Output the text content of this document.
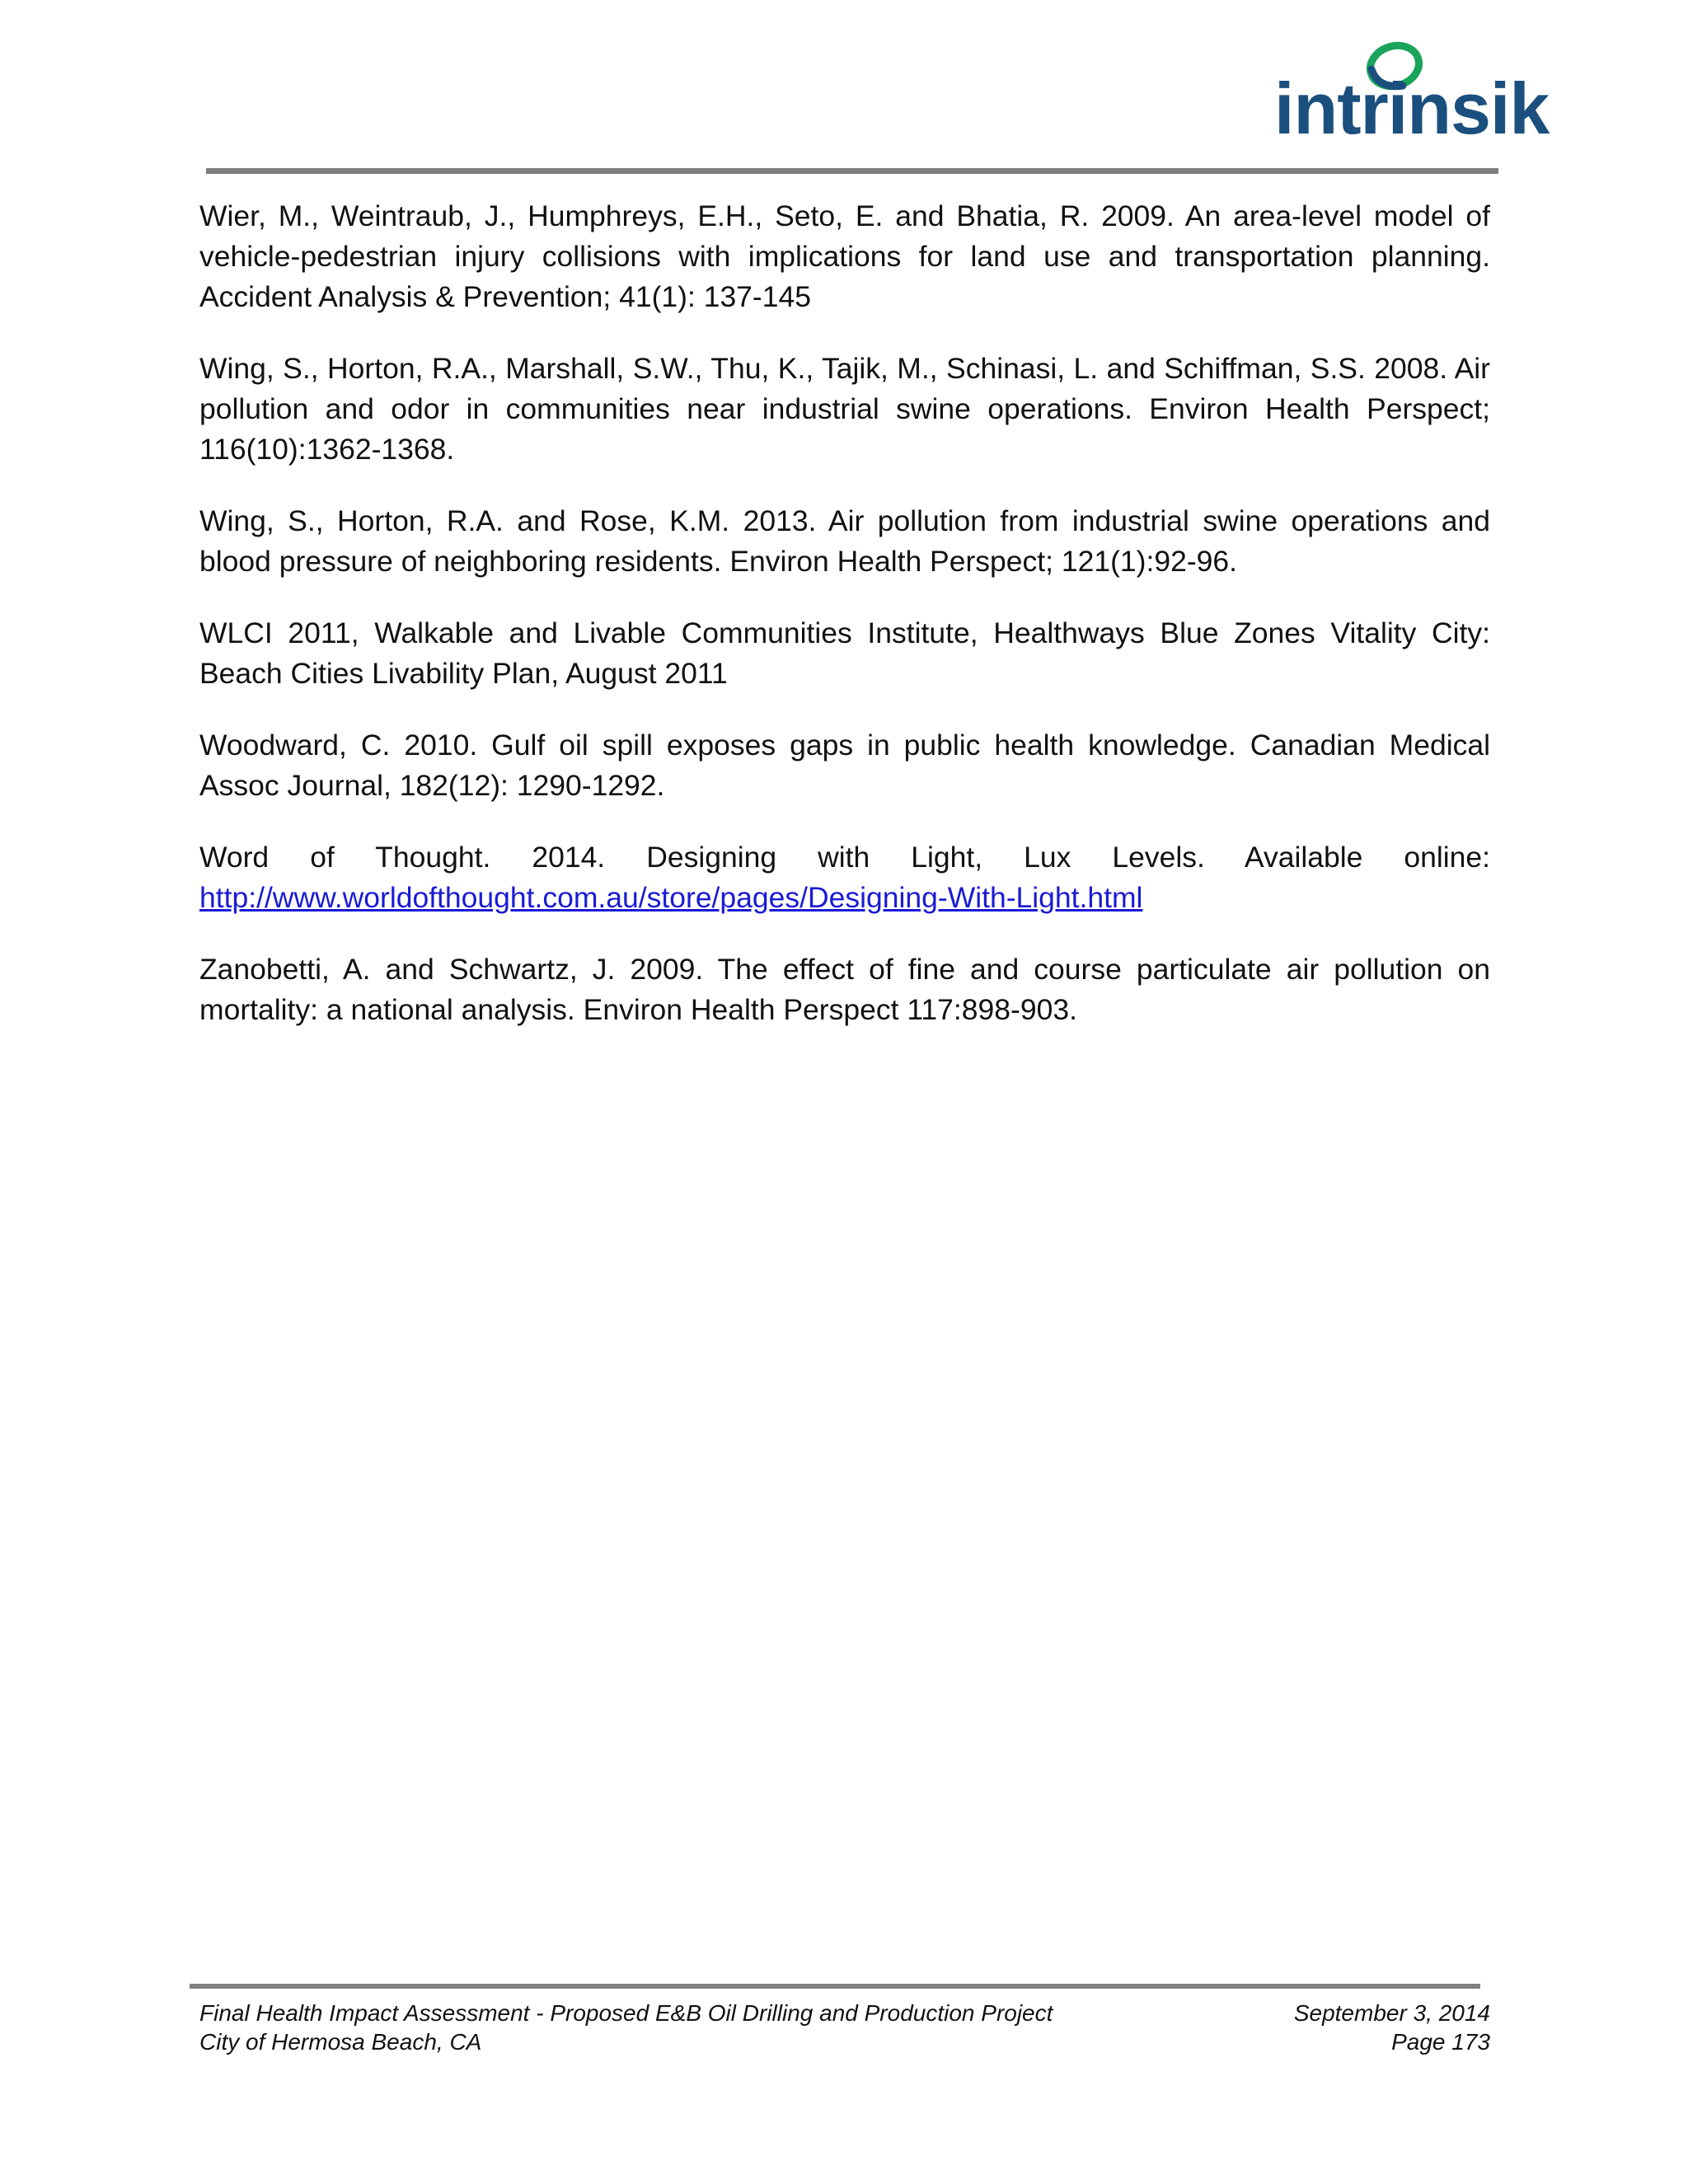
intrinsik

Wier, M., Weintraub, J., Humphreys, E.H., Seto, E. and Bhatia, R. 2009. An area-level model of vehicle-pedestrian injury collisions with implications for land use and transportation planning. Accident Analysis & Prevention; 41(1): 137-145

Wing, S., Horton, R.A., Marshall, S.W., Thu, K., Tajik, M., Schinasi, L. and Schiffman, S.S. 2008. Air pollution and odor in communities near industrial swine operations. Environ Health Perspect; 116(10):1362-1368.

Wing, S., Horton, R.A. and Rose, K.M. 2013. Air pollution from industrial swine operations and blood pressure of neighboring residents. Environ Health Perspect; 121(1):92-96.

WLCI 2011, Walkable and Livable Communities Institute, Healthways Blue Zones Vitality City: Beach Cities Livability Plan, August 2011

Woodward, C. 2010. Gulf oil spill exposes gaps in public health knowledge. Canadian Medical Assoc Journal, 182(12): 1290-1292.

Word of Thought. 2014. Designing with Light, Lux Levels. Available online: http://www.worldofthought.com.au/store/pages/Designing-With-Light.html

Zanobetti, A. and Schwartz, J. 2009. The effect of fine and course particulate air pollution on mortality: a national analysis. Environ Health Perspect 117:898-903.

Final Health Impact Assessment - Proposed E&B Oil Drilling and Production Project	September 3, 2014
City of Hermosa Beach, CA	Page 173
